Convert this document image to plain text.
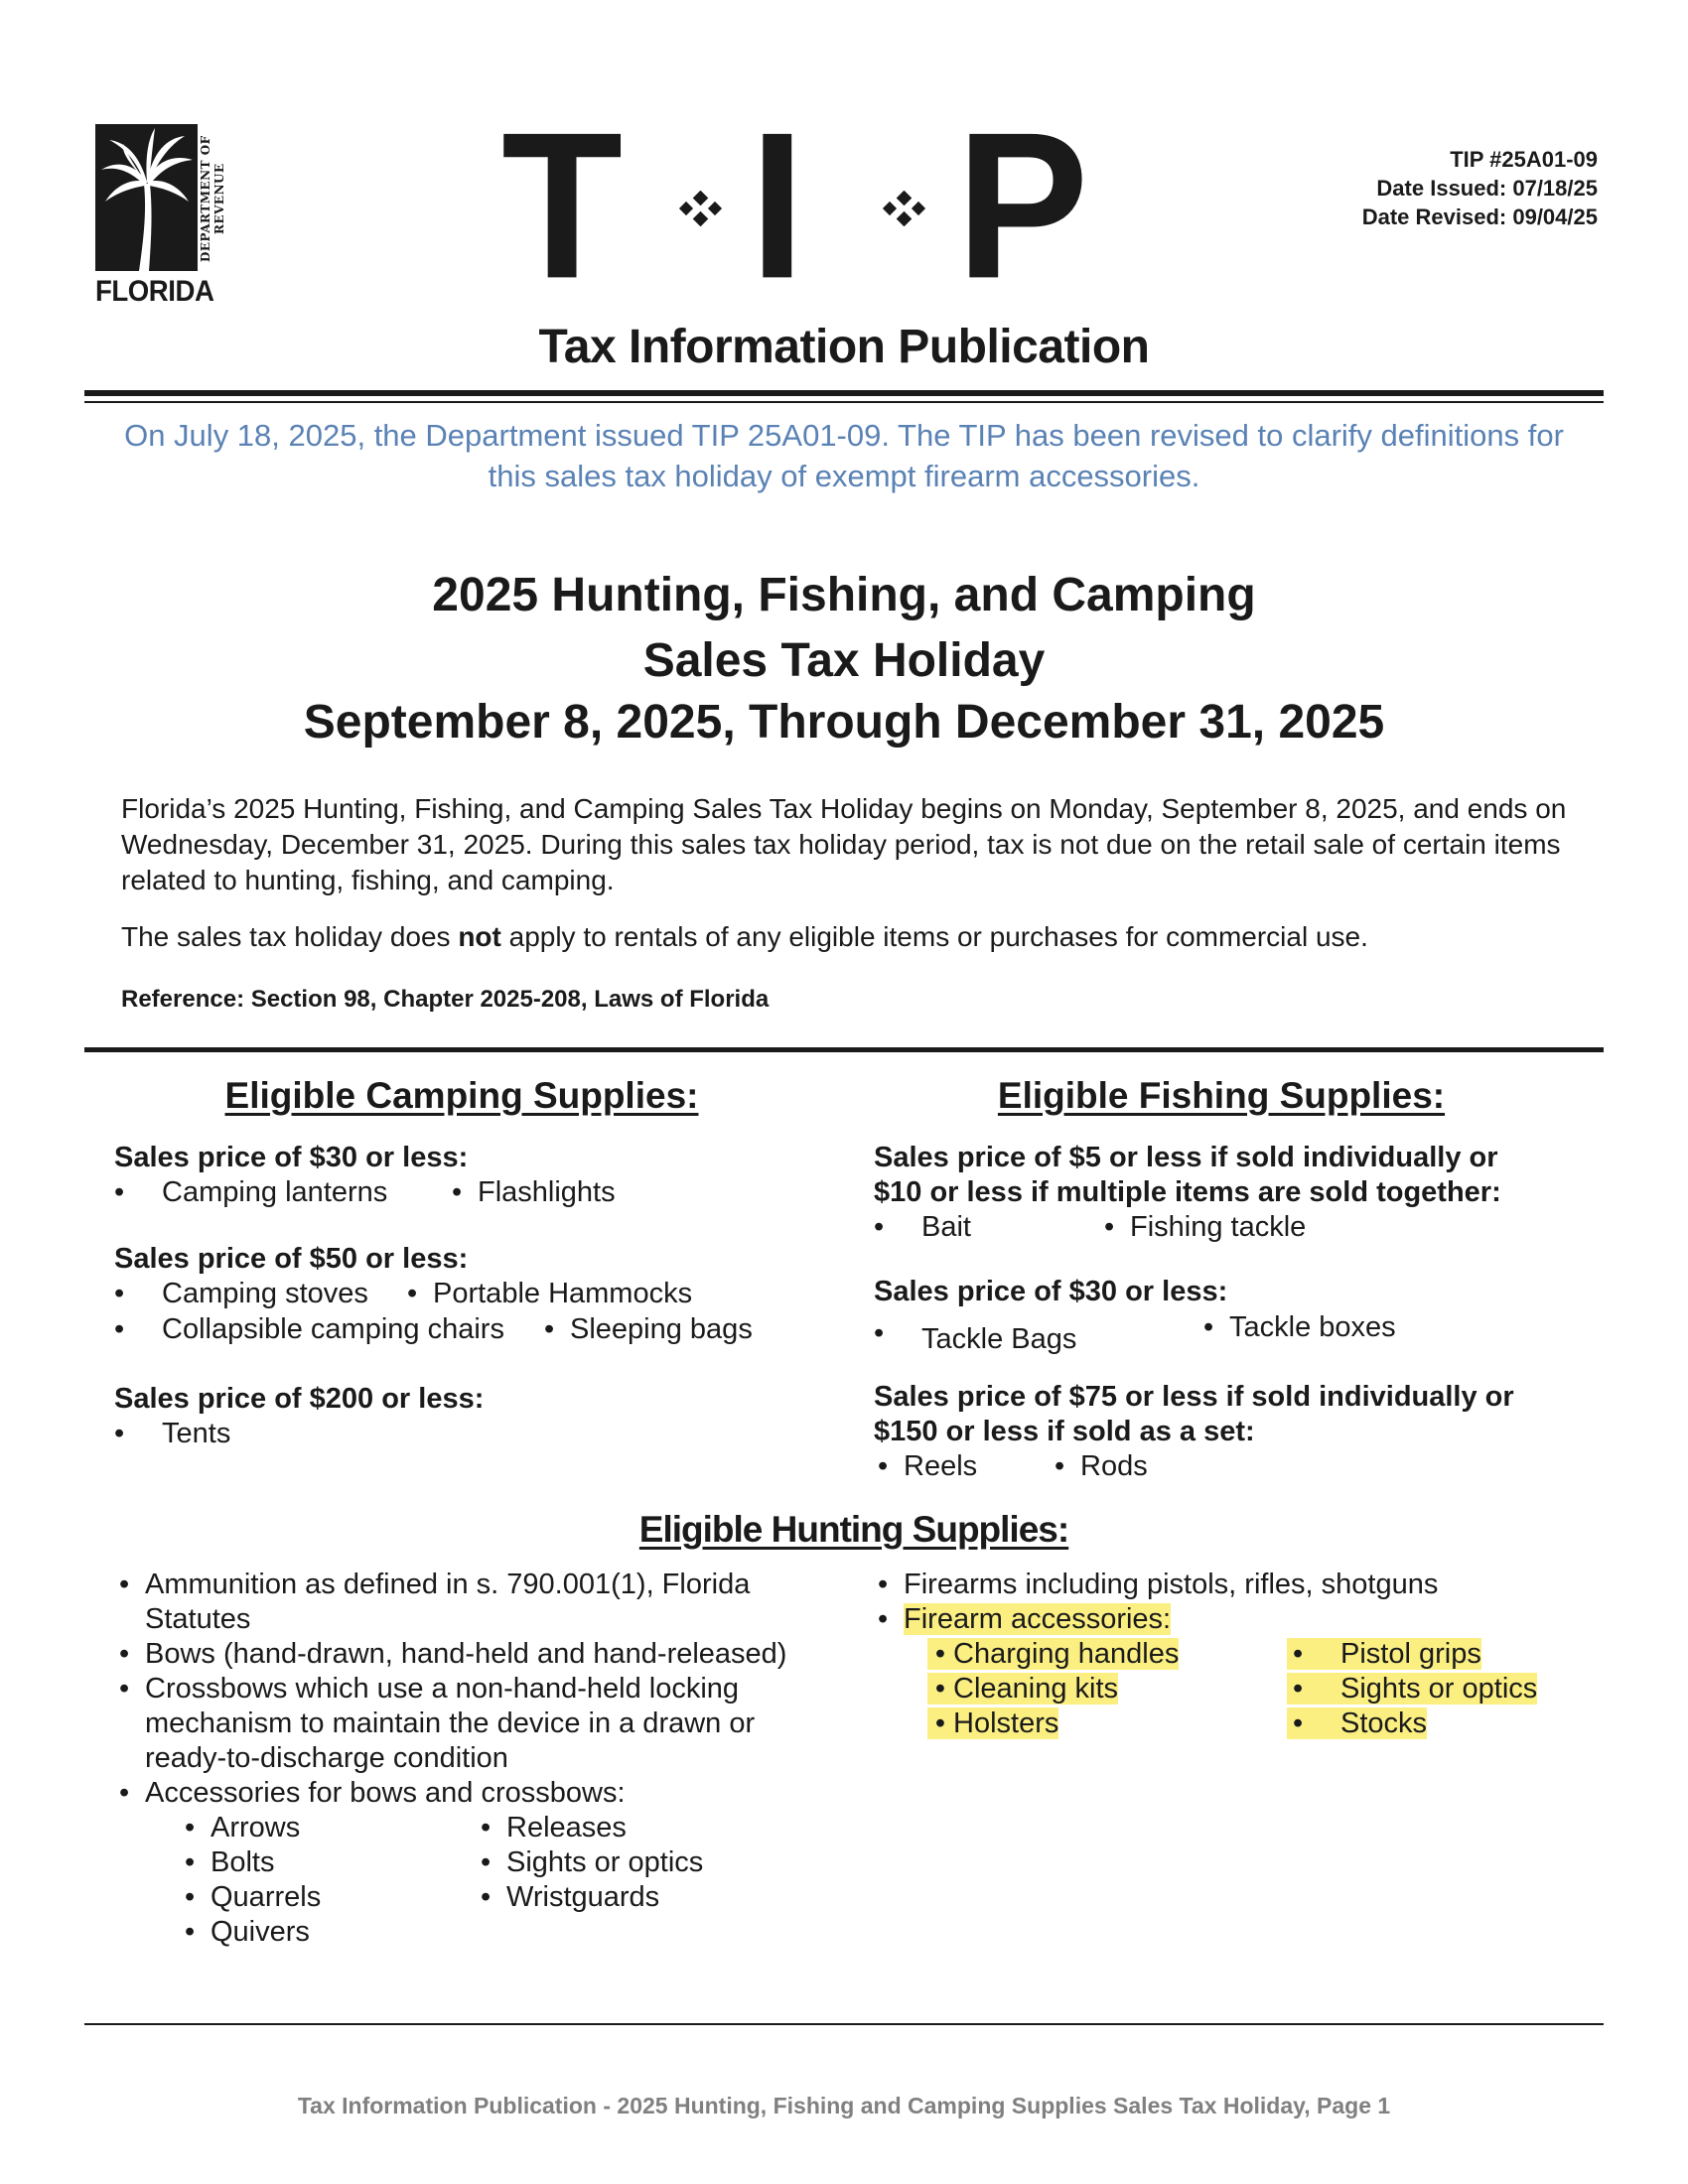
DEPARTMENT OF REVENUE
FLORIDA T I P	TIP #25A01-09
Date Issued: 07/18/25
Date Revised: 09/04/25
Tax Information Publication
On July 18, 2025, the Department issued TIP 25A01-09. The TIP has been revised to clarify definitions for this sales tax holiday of exempt firearm accessories.
2025 Hunting, Fishing, and Camping
Sales Tax Holiday
September 8, 2025, Through December 31, 2025
Florida’s 2025 Hunting, Fishing, and Camping Sales Tax Holiday begins on Monday, September 8, 2025, and ends on Wednesday, December 31, 2025. During this sales tax holiday period, tax is not due on the retail sale of certain items related to hunting, fishing, and camping.
The sales tax holiday does not apply to rentals of any eligible items or purchases for commercial use.
Reference: Section 98, Chapter 2025-208, Laws of Florida
Eligible Camping Supplies:
Sales price of $30 or less:
• Camping lanterns • Flashlights
Sales price of $50 or less:
• Camping stoves • Portable Hammocks
• Collapsible camping chairs • Sleeping bags
Sales price of $200 or less:
• Tents
Eligible Fishing Supplies:
Sales price of $5 or less if sold individually or
$10 or less if multiple items are sold together:
• Bait	• Fishing tackle
Sales price of $30 or less:
• Tackle Bags	• Tackle boxes
Sales price of $75 or less if sold individually or
$150 or less if sold as a set:
• Reels	• Rods
Eligible Hunting Supplies:
• Ammunition as defined in s. 790.001(1), Florida
Statutes
• Bows (hand-drawn, hand-held and hand-released)
• Crossbows which use a non-hand-held locking
mechanism to maintain the device in a drawn or
ready-to-discharge condition
• Accessories for bows and crossbows:
• Arrows
• Bolts
• Quarrels
• Quivers
• Releases
• Sights or optics
• Wristguards
• Firearms including pistols, rifles, shotguns
• Firearm accessories:
• Charging handles
• Cleaning kits
• Holsters
• Pistol grips
• Sights or optics
• Stocks
Tax Information Publication - 2025 Hunting, Fishing and Camping Supplies Sales Tax Holiday, Page 1
